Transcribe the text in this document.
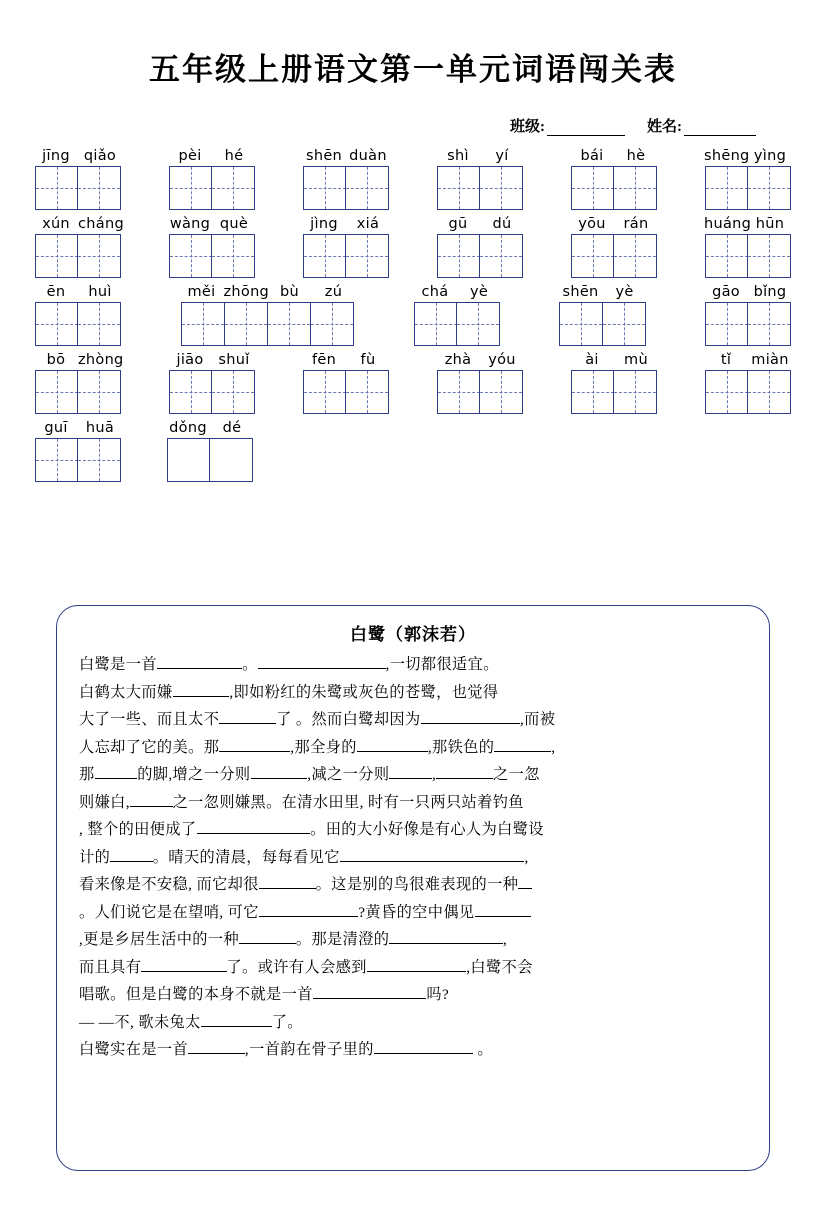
五年级上册语文第一单元词语闯关表
班级:	姓名:
jīng qiǎo	pèi	hé	shēn duàn	shì	yí	bái	hè	shēng yìng
xún cháng	wàng què	jìng	xiá	gū	dú	yōu	rán	huáng hūn
ēn	huì	měi zhōng bù	zú	chá	yè	shēn	yè	gāo bǐng
bō zhòng	jiāo	shuǐ	fēn	fù	zhà	yóu	ài	mù	tǐ	miàn
guī	huā	dǒng	dé
白鹭（郭沫若）

白鹭是一首	。	,一切都很适宜。

白鹤太大而嫌	,即如粉红的朱鹭或灰色的苍鹭，也觉得

大了一些、而且太不	了 。然而白鹭却因为	,而被

人忘却了它的美。那	,那全身的	,那铁色的	,

那	的脚,增之一分则	,减之一分则	,	之一忽

则嫌白,	之一忽则嫌黑。在清水田里, 时有一只两只站着钓鱼

, 整个的田便成了	。田的大小好像是有心人为白鹭设

计的	。晴天的清晨，每每看见它	,

看来像是不安稳, 而它却很	。这是别的鸟很难表现的一种

。人们说它是在望哨, 可它	?黄昏的空中偶见

,更是乡居生活中的一种	。那是清澄的	,

而且具有	了。或许有人会感到	,白鹭不会

唱歌。但是白鹭的本身不就是一首	吗?

— —不, 歌未兔太	了。

白鹭实在是一首	,一首韵在骨子里的	。
